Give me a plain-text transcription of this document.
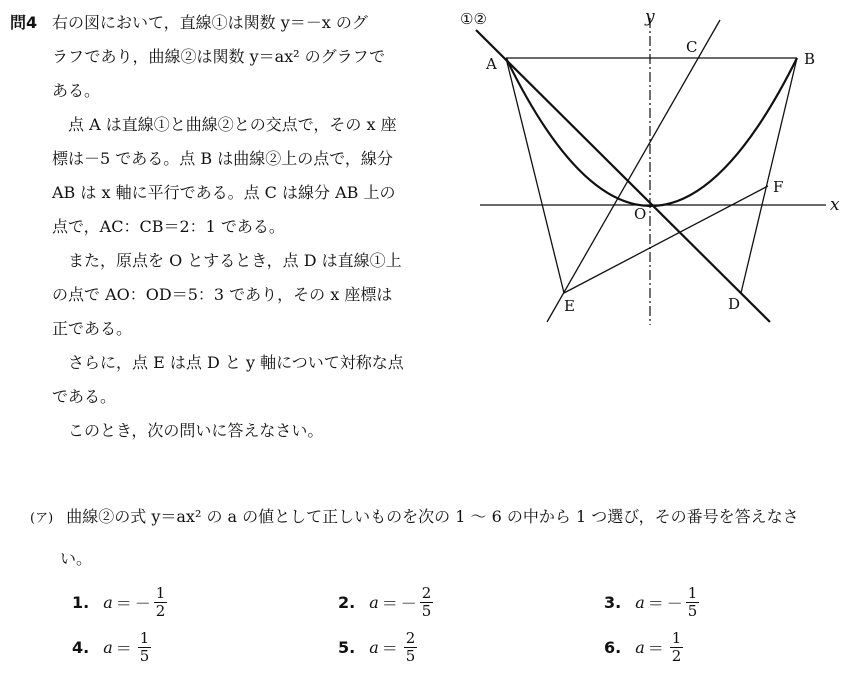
問4 右の図において，直線①は関数 y＝－x のグ

ラフであり，曲線②は関数 y＝ax² のグラフで

ある。

点 A は直線①と曲線②との交点で，その x 座

標は－5 である。点 B は曲線②上の点で，線分

AB は x 軸に平行である。点 C は線分 AB 上の

点で，AC：CB＝2：1 である。

また，原点を O とするとき，点 D は直線①上

の点で AO：OD＝5：3 であり，その x 座標は

正である。

さらに，点 E は点 D と y 軸について対称な点

である。

このとき，次の問いに答えなさい。

①②	y
x
A	B
C
D
E
F
O
(ア) 曲線②の式 y＝ax² の a の値として正しいものを次の 1 ～ 6 の中から 1 つ選び，その番号を答えなさ
い。
1. a ＝ － $\frac{1}{2}$	2. a ＝ － $\frac{2}{5}$	3. a ＝ － $\frac{1}{5}$
4. $a = \frac{1}{5}$	5. $a = \frac{2}{5}$	6. $a = \frac{1}{2}$
